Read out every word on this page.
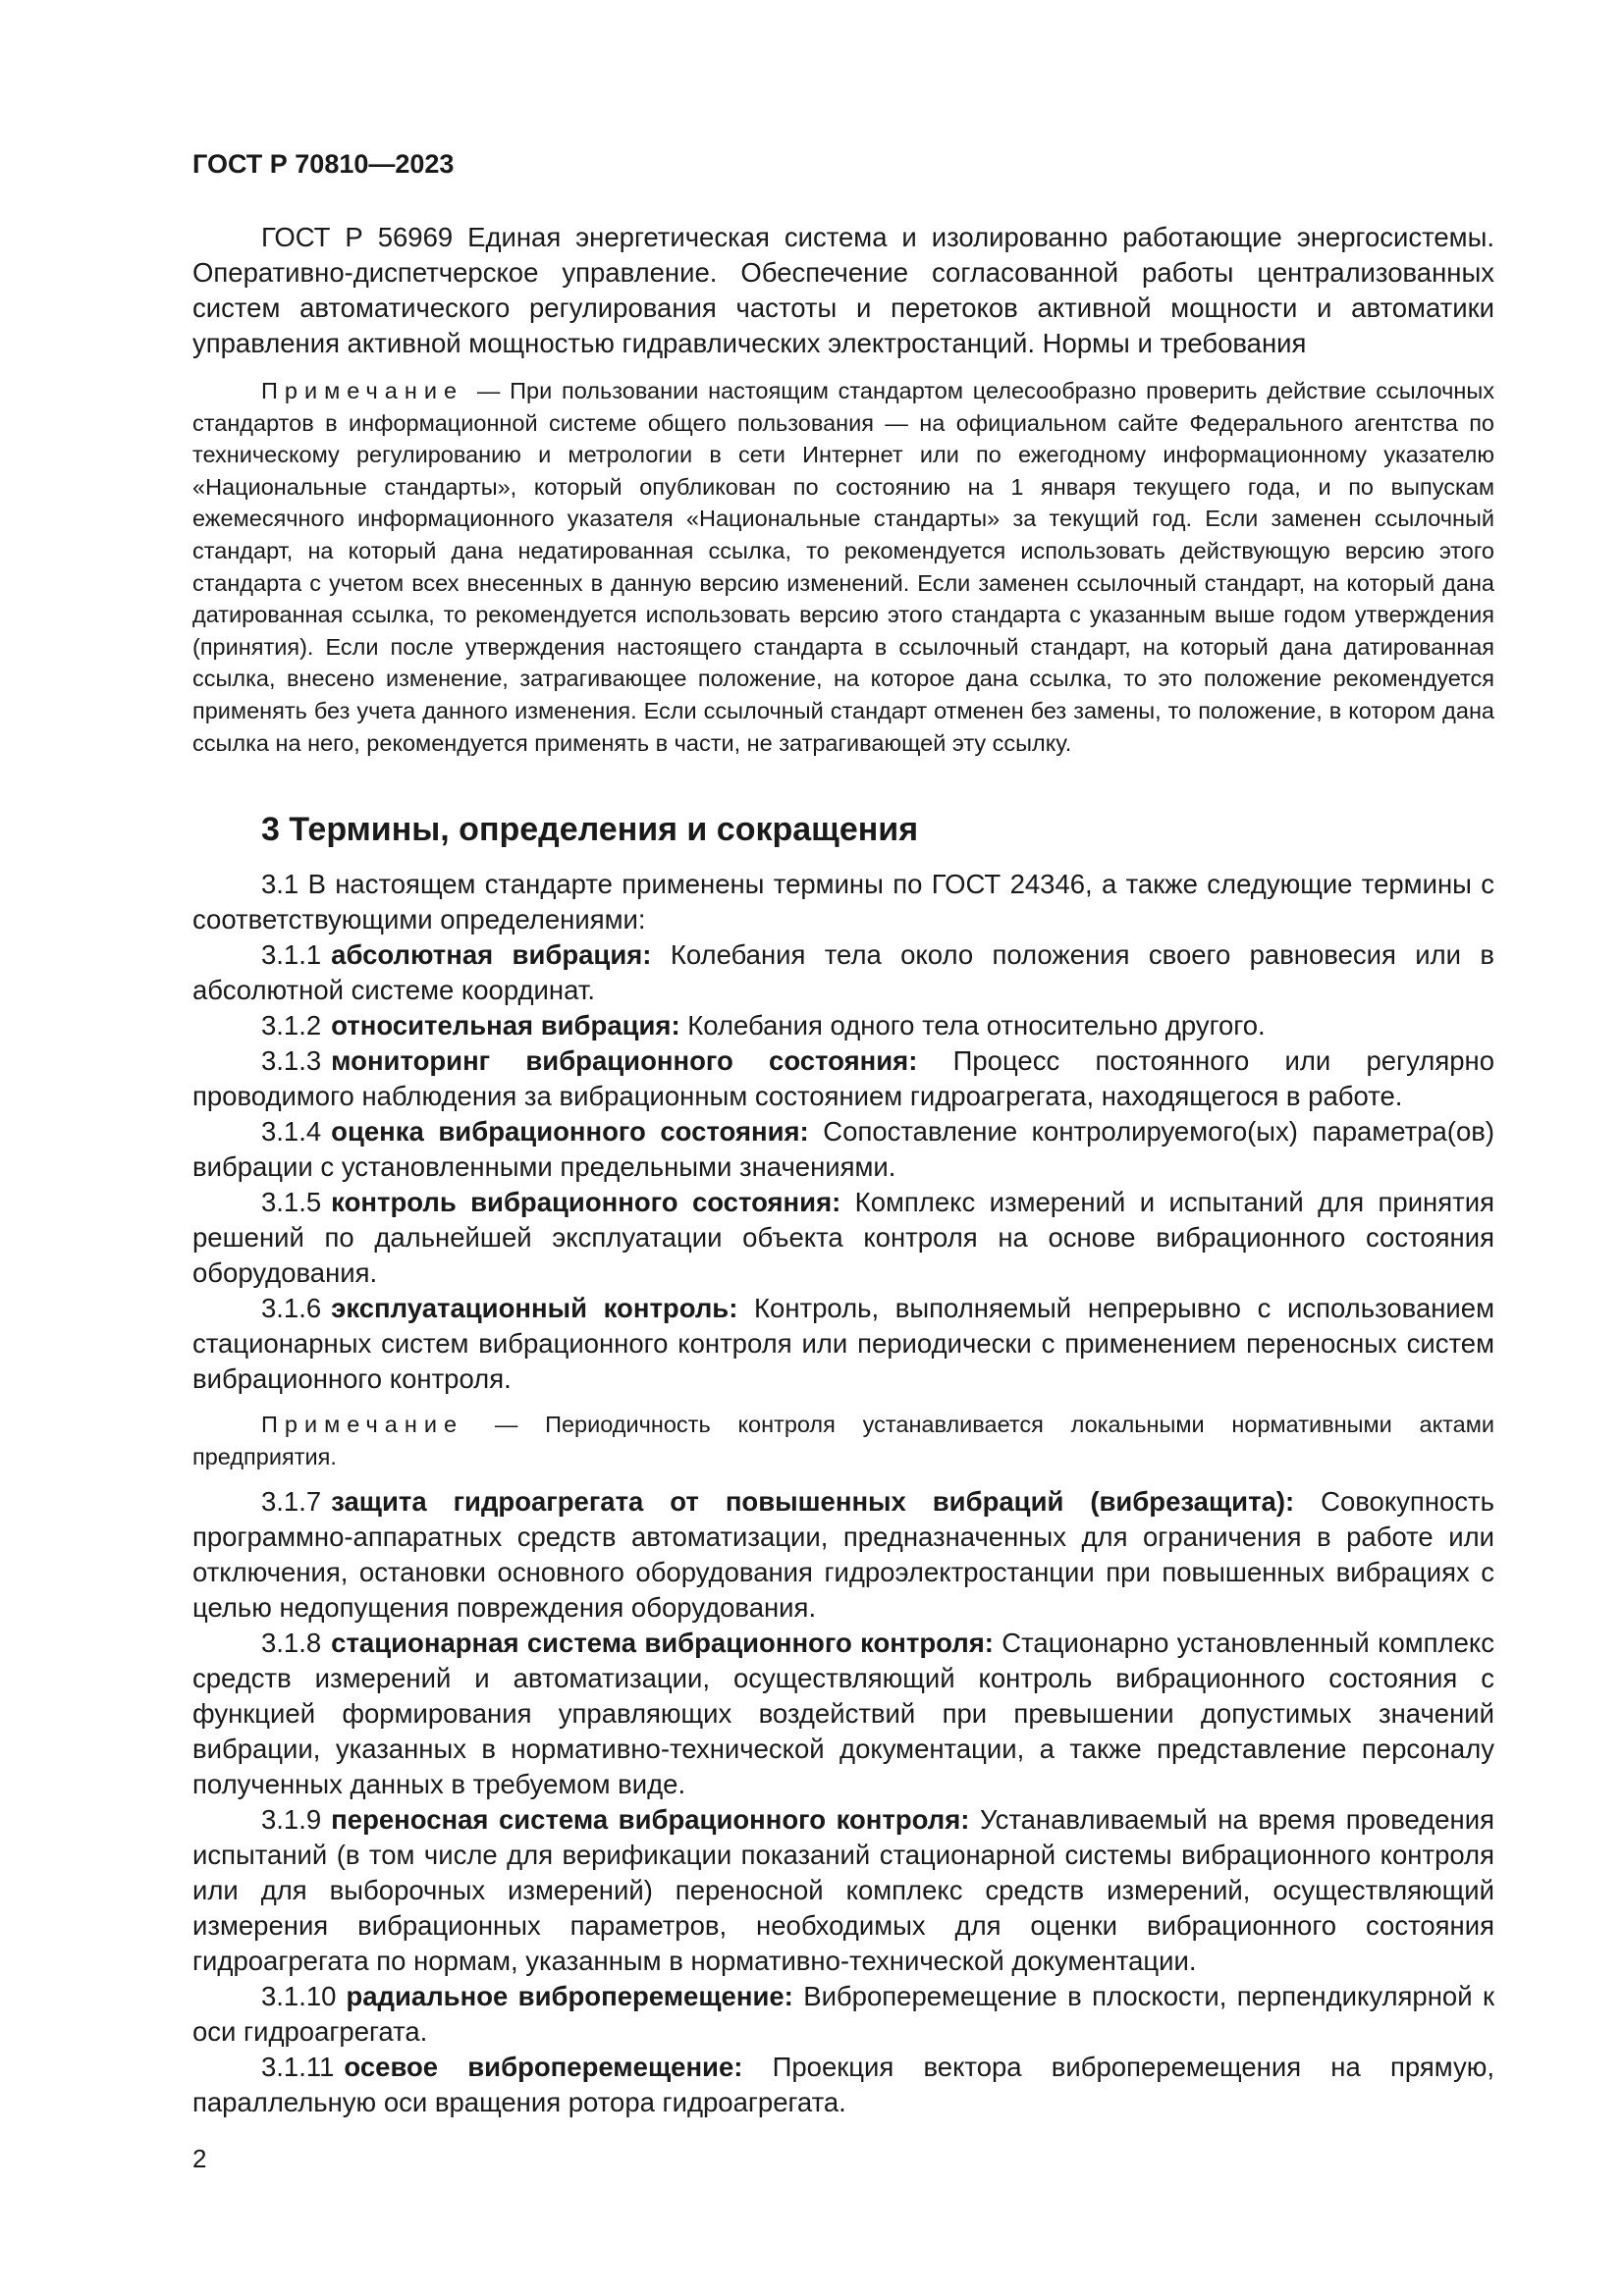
ГОСТ Р 70810—2023

ГОСТ Р 56969 Единая энергетическая система и изолированно работающие энергосистемы. Оперативно-диспетчерское управление. Обеспечение согласованной работы централизованных систем автоматического регулирования частоты и перетоков активной мощности и автоматики управления активной мощностью гидравлических электростанций. Нормы и требования

Примечание — При пользовании настоящим стандартом целесообразно проверить действие ссылочных стандартов в информационной системе общего пользования — на официальном сайте Федерального агентства по техническому регулированию и метрологии в сети Интернет или по ежегодному информационному указателю «Национальные стандарты», который опубликован по состоянию на 1 января текущего года, и по выпускам ежемесячного информационного указателя «Национальные стандарты» за текущий год. Если заменен ссылочный стандарт, на который дана недатированная ссылка, то рекомендуется использовать действующую версию этого стандарта с учетом всех внесенных в данную версию изменений. Если заменен ссылочный стандарт, на который дана датированная ссылка, то рекомендуется использовать версию этого стандарта с указанным выше годом утверждения (принятия). Если после утверждения настоящего стандарта в ссылочный стандарт, на который дана датированная ссылка, внесено изменение, затрагивающее положение, на которое дана ссылка, то это положение рекомендуется применять без учета данного изменения. Если ссылочный стандарт отменен без замены, то положение, в котором дана ссылка на него, рекомендуется применять в части, не затрагивающей эту ссылку.

3 Термины, определения и сокращения

3.1 В настоящем стандарте применены термины по ГОСТ 24346, а также следующие термины с соответствующими определениями:

3.1.1 абсолютная вибрация: Колебания тела около положения своего равновесия или в абсолютной системе координат.

3.1.2 относительная вибрация: Колебания одного тела относительно другого.

3.1.3 мониторинг вибрационного состояния: Процесс постоянного или регулярно проводимого наблюдения за вибрационным состоянием гидроагрегата, находящегося в работе.

3.1.4 оценка вибрационного состояния: Сопоставление контролируемого(ых) параметра(ов) вибрации с установленными предельными значениями.

3.1.5 контроль вибрационного состояния: Комплекс измерений и испытаний для принятия решений по дальнейшей эксплуатации объекта контроля на основе вибрационного состояния оборудования.

3.1.6 эксплуатационный контроль: Контроль, выполняемый непрерывно с использованием стационарных систем вибрационного контроля или периодически с применением переносных систем вибрационного контроля.

Примечание — Периодичность контроля устанавливается локальными нормативными актами предприятия.

3.1.7 защита гидроагрегата от повышенных вибраций (вибрезащита): Совокупность программно-аппаратных средств автоматизации, предназначенных для ограничения в работе или отключения, остановки основного оборудования гидроэлектростанции при повышенных вибрациях с целью недопущения повреждения оборудования.

3.1.8 стационарная система вибрационного контроля: Стационарно установленный комплекс средств измерений и автоматизации, осуществляющий контроль вибрационного состояния с функцией формирования управляющих воздействий при превышении допустимых значений вибрации, указанных в нормативно-технической документации, а также представление персоналу полученных данных в требуемом виде.

3.1.9 переносная система вибрационного контроля: Устанавливаемый на время проведения испытаний (в том числе для верификации показаний стационарной системы вибрационного контроля или для выборочных измерений) переносной комплекс средств измерений, осуществляющий измерения вибрационных параметров, необходимых для оценки вибрационного состояния гидроагрегата по нормам, указанным в нормативно-технической документации.

3.1.10 радиальное виброперемещение: Виброперемещение в плоскости, перпендикулярной к оси гидроагрегата.

3.1.11 осевое виброперемещение: Проекция вектора виброперемещения на прямую, параллельную оси вращения ротора гидроагрегата.

2
